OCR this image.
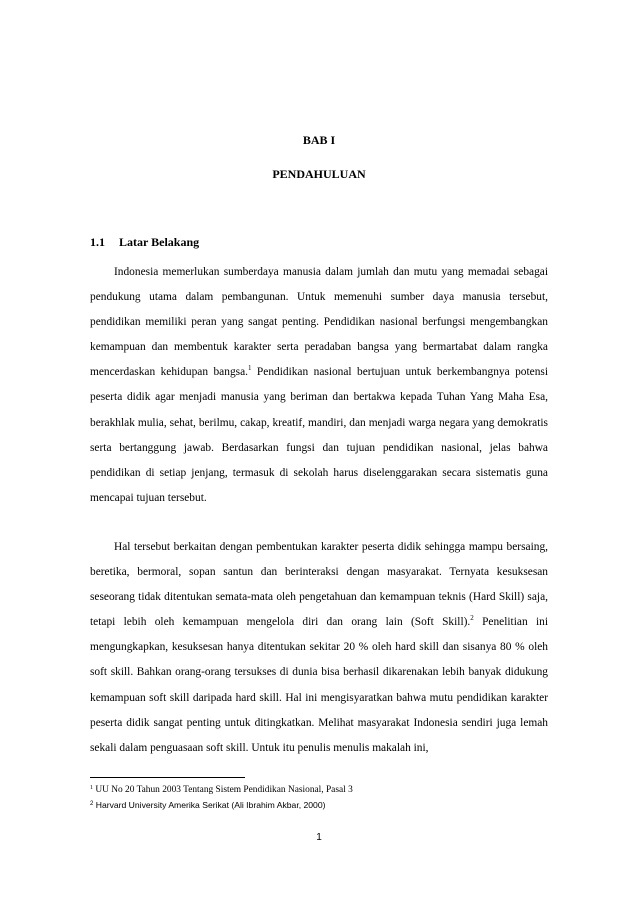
BAB I

PENDAHULUAN

1.1 Latar Belakang

Indonesia memerlukan sumberdaya manusia dalam jumlah dan mutu yang memadai sebagai pendukung utama dalam pembangunan. Untuk memenuhi sumber daya manusia tersebut, pendidikan memiliki peran yang sangat penting. Pendidikan nasional berfungsi mengembangkan kemampuan dan membentuk karakter serta peradaban bangsa yang bermartabat dalam rangka mencerdaskan kehidupan bangsa.$^1$ Pendidikan nasional bertujuan untuk berkembangnya potensi peserta didik agar menjadi manusia yang beriman dan bertakwa kepada Tuhan Yang Maha Esa, berakhlak mulia, sehat, berilmu, cakap, kreatif, mandiri, dan menjadi warga negara yang demokratis serta bertanggung jawab. Berdasarkan fungsi dan tujuan pendidikan nasional, jelas bahwa pendidikan di setiap jenjang, termasuk di sekolah harus diselenggarakan secara sistematis guna mencapai tujuan tersebut.

Hal tersebut berkaitan dengan pembentukan karakter peserta didik sehingga mampu bersaing, beretika, bermoral, sopan santun dan berinteraksi dengan masyarakat. Ternyata kesuksesan seseorang tidak ditentukan semata-mata oleh pengetahuan dan kemampuan teknis (Hard Skill) saja, tetapi lebih oleh kemampuan mengelola diri dan orang lain (Soft Skill).$^2$ Penelitian ini mengungkapkan, kesuksesan hanya ditentukan sekitar 20 % oleh hard skill dan sisanya 80 % oleh soft skill. Bahkan orang-orang tersukses di dunia bisa berhasil dikarenakan lebih banyak didukung kemampuan soft skill daripada hard skill. Hal ini mengisyaratkan bahwa mutu pendidikan karakter peserta didik sangat penting untuk ditingkatkan. Melihat masyarakat Indonesia sendiri juga lemah sekali dalam penguasaan soft skill. Untuk itu penulis menulis makalah ini,

$^1$ UU No 20 Tahun 2003 Tentang Sistem Pendidikan Nasional, Pasal 3

$^2$ Harvard University Amerika Serikat (Ali Ibrahim Akbar, 2000)

1
